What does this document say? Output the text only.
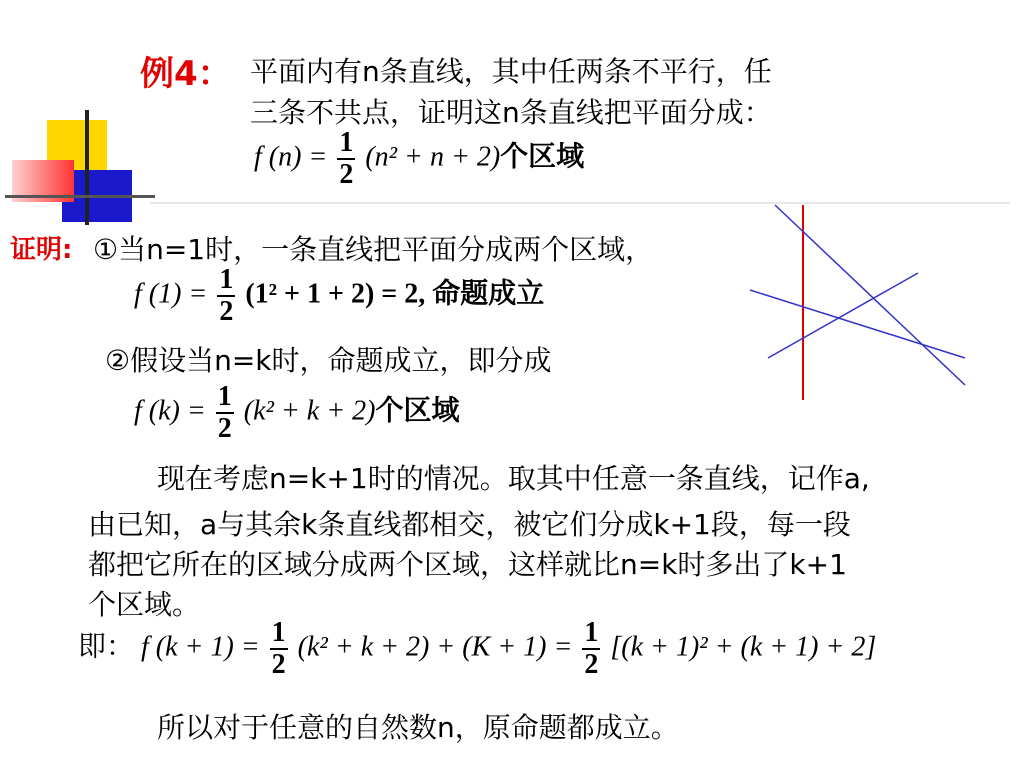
例4： 平面内有n条直线，其中任两条不平行，任
三条不共点，证明这n条直线把平面分成：
f $(n) = \frac{1}{2} (n^2 + n + 2)$个区域
证明: ①当n=1时，一条直线把平面分成两个区域，
f $(1) = \frac{1}{2} (1^2 + 1 + 2) = 2$, 命题成立
②假设当n=k时，命题成立，即分成
f $(k) = \frac{1}{2} (k^2 + k + 2)$个区域
现在考虑n=k+1时的情况。取其中任意一条直线，记作a,
由已知，a与其余k条直线都相交，被它们分成k+1段，每一段
都把它所在的区域分成两个区域，这样就比n=k时多出了k+1
个区域。
即： f $(k + 1) = \frac{1}{2} (k^2 + k + 2) + (K + 1) = \frac{1}{2} [(k + 1)^2 + (k + 1) + 2]$
所以对于任意的自然数n，原命题都成立。
